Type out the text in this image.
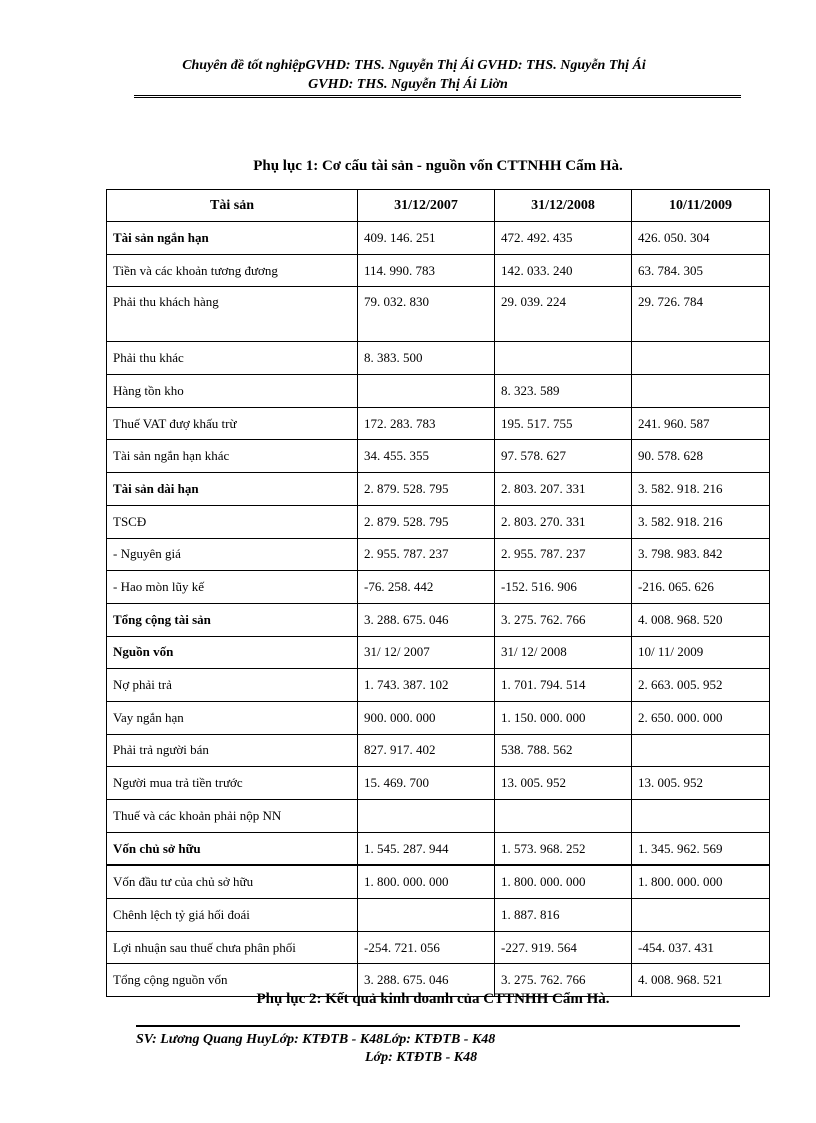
Chuyên đề tốt nghiệpGVHD: THS. Nguyễn Thị Ái GVHD: THS. Nguyễn Thị Ái
GVHD: THS. Nguyễn Thị Ái Liờn
Phụ lục 1: Cơ cấu tài sản - nguồn vốn CTTNHH Cẩm Hà.
Tài sản	31/12/2007	31/12/2008	10/11/2009
Tài sản ngắn hạn	409. 146. 251	472. 492. 435	426. 050. 304
Tiền và các khoản tương đương	114. 990. 783	142. 033. 240	63. 784. 305
Phải thu khách hàng	79. 032. 830	29. 039. 224	29. 726. 784
Phải thu khác	8. 383. 500		
Hàng tồn kho		8. 323. 589	
Thuế VAT đượ khấu trừ	172. 283. 783	195. 517. 755	241. 960. 587
Tài sản ngắn hạn khác	34. 455. 355	97. 578. 627	90. 578. 628
Tài sản dài hạn	2. 879. 528. 795	2. 803. 207. 331	3. 582. 918. 216
TSCĐ	2. 879. 528. 795	2. 803. 270. 331	3. 582. 918. 216
- Nguyên giá	2. 955. 787. 237	2. 955. 787. 237	3. 798. 983. 842
- Hao mòn lũy kế	-76. 258. 442	-152. 516. 906	-216. 065. 626
Tổng cộng tài sản	3. 288. 675. 046	3. 275. 762. 766	4. 008. 968. 520
Nguồn vốn	31/ 12/ 2007	31/ 12/ 2008	10/ 11/ 2009
Nợ phải trả	1. 743. 387. 102	1. 701. 794. 514	2. 663. 005. 952
Vay ngắn hạn	900. 000. 000	1. 150. 000. 000	2. 650. 000. 000
Phải trả người bán	827. 917. 402	538. 788. 562	
Người mua trả tiền trước	15. 469. 700	13. 005. 952	13. 005. 952
Thuế và các khoản phải nộp NN			
Vốn chủ sở hữu	1. 545. 287. 944	1. 573. 968. 252	1. 345. 962. 569
Vốn đầu tư của chủ sở hữu	1. 800. 000. 000	1. 800. 000. 000	1. 800. 000. 000
Chênh lệch tỷ giá hối đoái		1. 887. 816	
Lợi nhuận sau thuế chưa phân phối	-254. 721. 056	-227. 919. 564	-454. 037. 431
Tổng cộng nguồn vốn	3. 288. 675. 046	3. 275. 762. 766	4. 008. 968. 521
Phụ lục 2: Kết quả kinh doanh của CTTNHH Cẩm Hà.
SV: Lương Quang HuyLớp: KTĐTB - K48Lớp: KTĐTB - K48
Lớp: KTĐTB - K48
